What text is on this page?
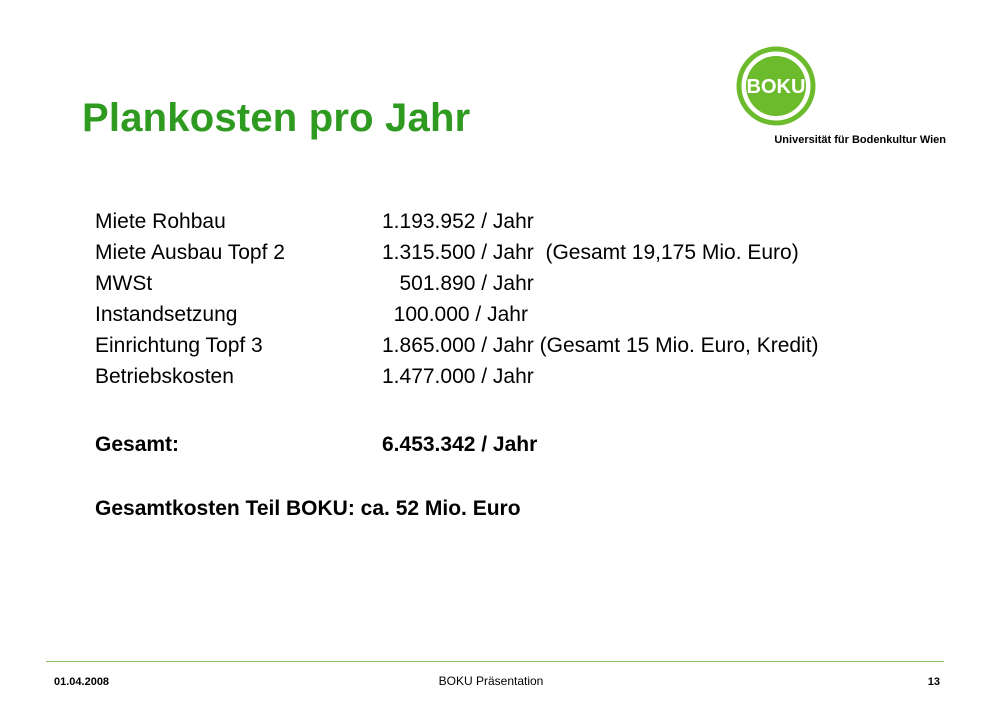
Plankosten pro Jahr
BOKU
Universität für Bodenkultur Wien
Miete Rohbau	1.193.952 / Jahr
Miete Ausbau Topf 2	1.315.500 / Jahr  (Gesamt 19,175 Mio. Euro)
MWSt	501.890 / Jahr
Instandsetzung	100.000 / Jahr
Einrichtung Topf 3	1.865.000 / Jahr (Gesamt 15 Mio. Euro, Kredit)
Betriebskosten	1.477.000 / Jahr
Gesamt:	6.453.342 / Jahr
Gesamtkosten Teil BOKU: ca. 52 Mio. Euro
01.04.2008	BOKU Präsentation	13
